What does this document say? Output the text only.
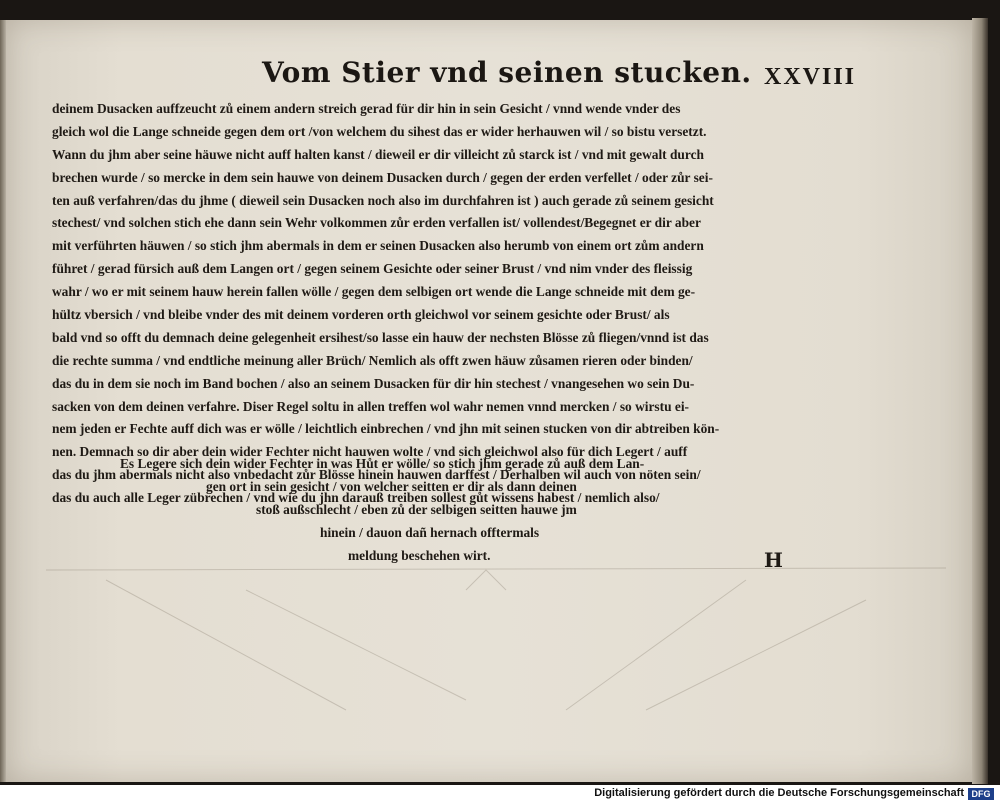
Vom Stier vnd seinen stucken. XXVIII
deinem Dusacken auffzeucht zů einem andern streich gerad für dir hin in sein Gesicht / vnnd wende vnder des
gleich wol die Lange schneide gegen dem ort /von welchem du sihest das er wider herhauwen wil / so bistu versetzt.
Wann du jhm aber seine häuwe nicht auff halten kanst / dieweil er dir villeicht zů starck ist / vnd mit gewalt durch
brechen wurde / so mercke in dem sein hauwe von deinem Dusacken durch / gegen der erden verfellet / oder zůr sei-
ten auß verfahren/das du jhme ( dieweil sein Dusacken noch also im durchfahren ist ) auch gerade zů seinem gesicht
stechest/ vnd solchen stich ehe dann sein Wehr volkommen zůr erden verfallen ist/ vollendest/Begegnet er dir aber
mit verführten häuwen / so stich jhm abermals in dem er seinen Dusacken also herumb von einem ort zům andern
führet / gerad fürsich auß dem Langen ort / gegen seinem Gesichte oder seiner Brust / vnd nim vnder des fleissig
wahr / wo er mit seinem hauw herein fallen wölle / gegen dem selbigen ort wende die Lange schneide mit dem ge-
hültz vbersich / vnd bleibe vnder des mit deinem vorderen orth gleichwol vor seinem gesichte oder Brust/ als
bald vnd so offt du demnach deine gelegenheit ersihest/so lasse ein hauw der nechsten Blösse zů fliegen/vnnd ist das
die rechte summa / vnd endtliche meinung aller Brüch/ Nemlich als offt zwen häuw zůsamen rieren oder binden/
das du in dem sie noch im Band bochen / also an seinem Dusacken für dir hin stechest / vnangesehen wo sein Du-
sacken von dem deinen verfahre. Diser Regel soltu in allen treffen wol wahr nemen vnnd mercken / so wirstu ei-
nem jeden er Fechte auff dich was er wölle / leichtlich einbrechen / vnd jhn mit seinen stucken von dir abtreiben kön-
nen. Demnach so dir aber dein wider Fechter nicht hauwen wolte / vnd sich gleichwol also für dich Legert / auff
das du jhm abermals nicht also vnbedacht zůr Blösse hinein hauwen darffest / Derhalben wil auch von nöten sein/
das du auch alle Leger zübrechen / vnd wie du jhn darauß treiben sollest gůt wissens habest / nemlich also/
Es Legere sich dein wider Fechter in was Hůt er wölle/ so stich jhm gerade zů auß dem Lan-
gen ort in sein gesicht / von welcher seitten er dir als dann deinen
stoß außschlecht / eben zů der selbigen seitten hauwe jm
hinein / dauon dañ hernach offtermals
meldung beschehen wirt.	H
Digitalisierung gefördert durch die Deutsche Forschungsgemeinschaft DFG
